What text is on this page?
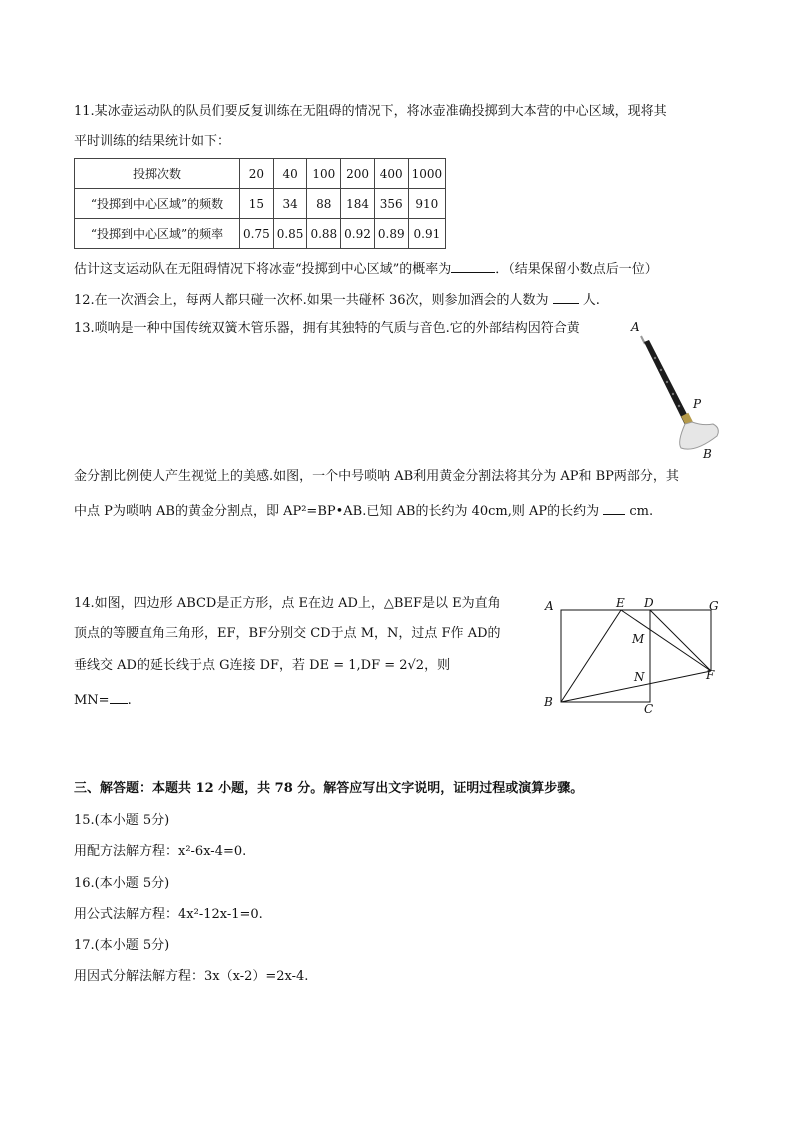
11.某冰壶运动队的队员们要反复训练在无阻碍的情况下，将冰壶准确投掷到大本营的中心区域，现将其
平时训练的结果统计如下：
投掷次数	20	40	100	200	400	1000
“投掷到中心区域”的频数	15	34	88	184	356	910
“投掷到中心区域”的频率	0.75	0.85	0.88	0.92	0.89	0.91
估计这支运动队在无阻碍情况下将冰壶“投掷到中心区域”的概率为	．（结果保留小数点后一位）
12.在一次酒会上，每两人都只碰一次杯.如果一共碰杯 36次，则参加酒会的人数为	人.
13.唢呐是一种中国传统双簧木管乐器，拥有其独特的气质与音色.它的外部结构因符合黄	A
P
B
金分割比例使人产生视觉上的美感.如图，一个中号唢呐 AB利用黄金分割法将其分为 AP和 BP两部分，其
中点 P为唢呐 AB的黄金分割点，即 AP²=BP•AB.已知 AB的长约为 40cm,则 AP的长约为 cm.
14.如图，四边形 ABCD是正方形，点 E在边 AD上，△BEF是以 E为直角
顶点的等腰直角三角形，EF，BF分别交 CD于点 M，N，过点 F作 AD的
垂线交 AD的延长线于点 G连接 DF，若 DE = 1,DF = 2√2，则
MN= .
A	E D	G
M
N	F
B	C
三、解答题：本题共 12 小题，共 78 分。解答应写出文字说明，证明过程或演算步骤。
15.(本小题 5分)
用配方法解方程：x²-6x-4=0.
16.(本小题 5分)
用公式法解方程：4x²-12x-1=0.
17.(本小题 5分)
用因式分解法解方程：3x（x-2）=2x-4.
